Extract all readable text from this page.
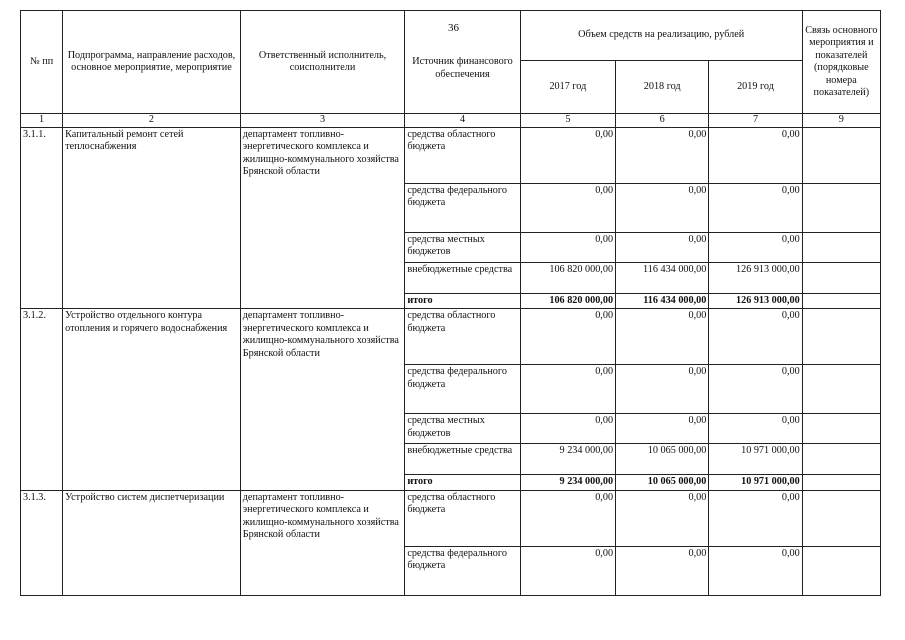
36
№ пп	Подпрограмма, направление расходов, основное мероприятие, мероприятие	Ответственный исполнитель, соисполнители	Источник финансового обеспечения	Объем средств на реализацию, рублей			Связь основного мероприятия и показателей (порядковые номера показателей)
				2017 год	2018 год	2019 год	
1	2	3	4	5	6	7	9
3.1.1.	Капитальный ремонт сетей теплоснабжения	департамент топливно-энергетического комплекса и жилищно-коммунального хозяйства Брянской области	средства областного бюджета	0,00	0,00	0,00	
			средства федерального бюджета	0,00	0,00	0,00	
			средства местных бюджетов	0,00	0,00	0,00	
			внебюджетные средства	106 820 000,00	116 434 000,00	126 913 000,00	
			итого	106 820 000,00	116 434 000,00	126 913 000,00	
3.1.2.	Устройство отдельного контура отопления и горячего водоснабжения	департамент топливно-энергетического комплекса и жилищно-коммунального хозяйства Брянской области	средства областного бюджета	0,00	0,00	0,00	
			средства федерального бюджета	0,00	0,00	0,00	
			средства местных бюджетов	0,00	0,00	0,00	
			внебюджетные средства	9 234 000,00	10 065 000,00	10 971 000,00	
			итого	9 234 000,00	10 065 000,00	10 971 000,00	
3.1.3.	Устройство систем диспетчеризации	департамент топливно-энергетического комплекса и жилищно-коммунального хозяйства Брянской области	средства областного бюджета	0,00	0,00	0,00	
			средства федерального бюджета	0,00	0,00	0,00	
